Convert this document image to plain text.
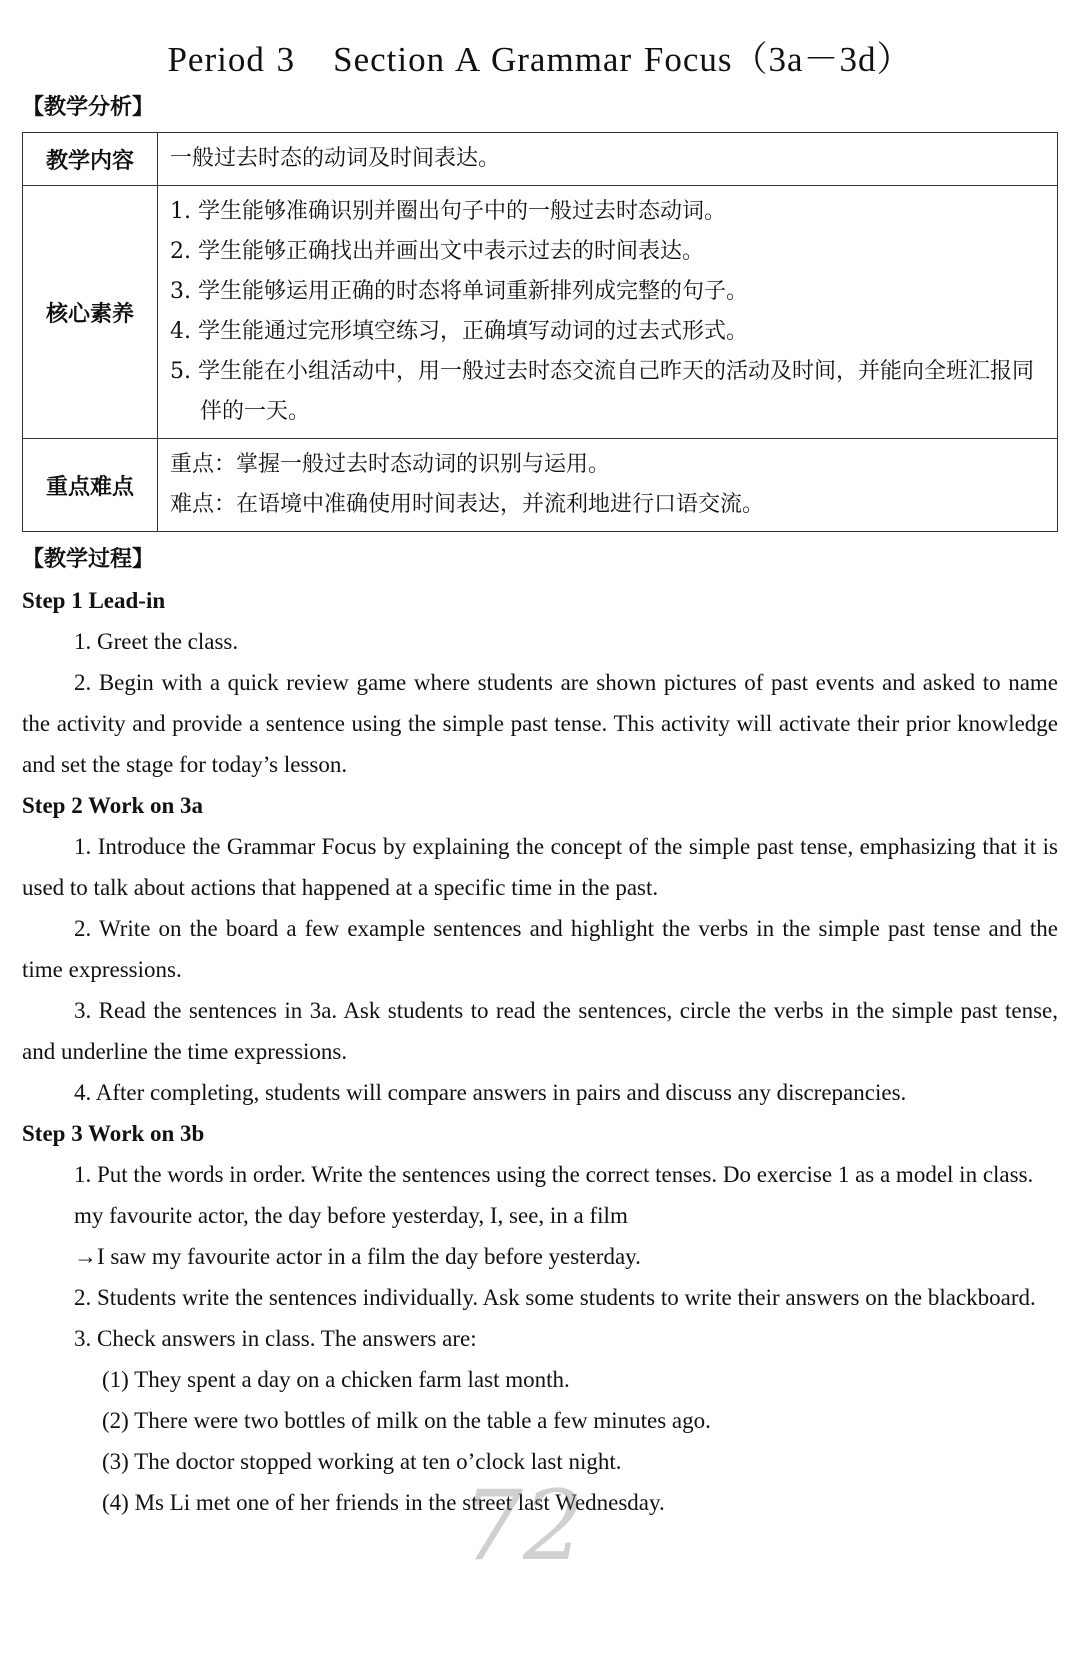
Period 3 Section A Grammar Focus（3a－3d）
【教学分析】
教学内容	一般过去时态的动词及时间表达。
核心素养	1. 学生能够准确识别并圈出句子中的一般过去时态动词。
2. 学生能够正确找出并画出文中表示过去的时间表达。
3. 学生能够运用正确的时态将单词重新排列成完整的句子。
4. 学生能通过完形填空练习，正确填写动词的过去式形式。
5. 学生能在小组活动中，用一般过去时态交流自己昨天的活动及时间，并能向全班汇报同伴的一天。

重点难点	重点：掌握一般过去时态动词的识别与运用。
难点：在语境中准确使用时间表达，并流利地进行口语交流。
【教学过程】
Step 1 Lead-in
1. Greet the class.
2. Begin with a quick review game where students are shown pictures of past events and asked to name the activity and provide a sentence using the simple past tense. This activity will activate their prior knowledge and set the stage for today’s lesson.
Step 2 Work on 3a
1. Introduce the Grammar Focus by explaining the concept of the simple past tense, emphasizing that it is used to talk about actions that happened at a specific time in the past.
2. Write on the board a few example sentences and highlight the verbs in the simple past tense and the time expressions.
3. Read the sentences in 3a. Ask students to read the sentences, circle the verbs in the simple past tense, and underline the time expressions.
4. After completing, students will compare answers in pairs and discuss any discrepancies.
Step 3 Work on 3b
1. Put the words in order. Write the sentences using the correct tenses. Do exercise 1 as a model in class.
my favourite actor, the day before yesterday, I, see, in a film
→I saw my favourite actor in a film the day before yesterday.
2. Students write the sentences individually. Ask some students to write their answers on the blackboard.
3. Check answers in class. The answers are:
(1) They spent a day on a chicken farm last month.
(2) There were two bottles of milk on the table a few minutes ago.
(3) The doctor stopped working at ten o’clock last night.
(4) Ms Li met one of her friends in the street last Wednesday.
72
